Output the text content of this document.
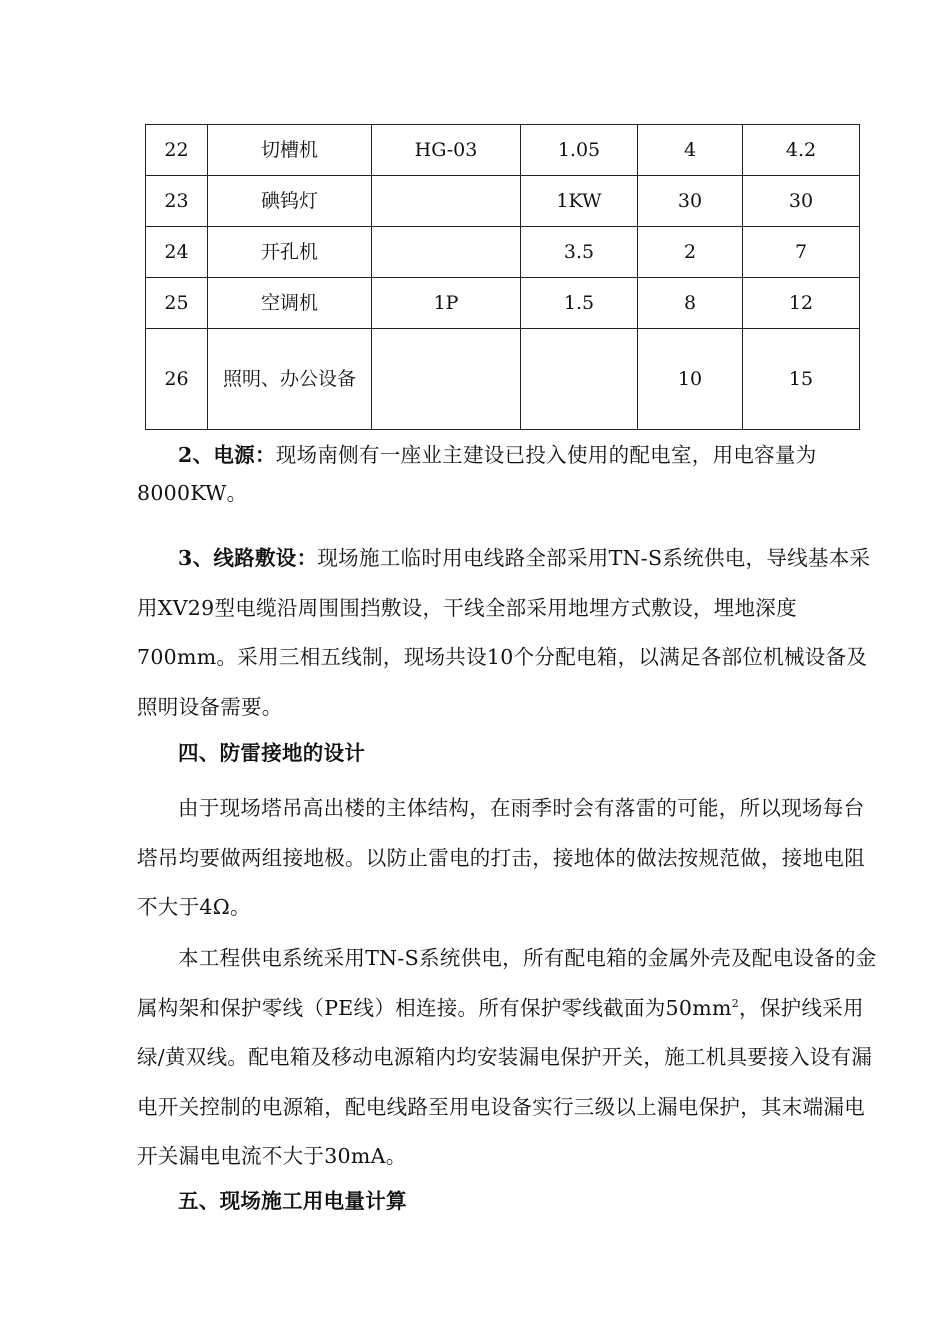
22	切槽机	HG-03	1.05	4	4.2
23	碘钨灯		1KW	30	30
24	开孔机		3.5	2	7
25	空调机	1P	1.5	8	12
26	照明、办公设备			10	15

2、电源：现场南侧有一座业主建设已投入使用的配电室，用电容量为8000KW。

3、线路敷设：现场施工临时用电线路全部采用TN-S系统供电，导线基本采用XV29型电缆沿周围围挡敷设，干线全部采用地埋方式敷设，埋地深度700mm。采用三相五线制，现场共设10个分配电箱，以满足各部位机械设备及照明设备需要。

四、防雷接地的设计

由于现场塔吊高出楼的主体结构，在雨季时会有落雷的可能，所以现场每台塔吊均要做两组接地极。以防止雷电的打击，接地体的做法按规范做，接地电阻不大于4Ω。

本工程供电系统采用TN-S系统供电，所有配电箱的金属外壳及配电设备的金属构架和保护零线（PE线）相连接。所有保护零线截面为$50mm^2$，保护线采用绿/黄双线。配电箱及移动电源箱内均安装漏电保护开关，施工机具要接入设有漏电开关控制的电源箱，配电线路至用电设备实行三级以上漏电保护，其末端漏电开关漏电电流不大于30mA。

五、现场施工用电量计算
